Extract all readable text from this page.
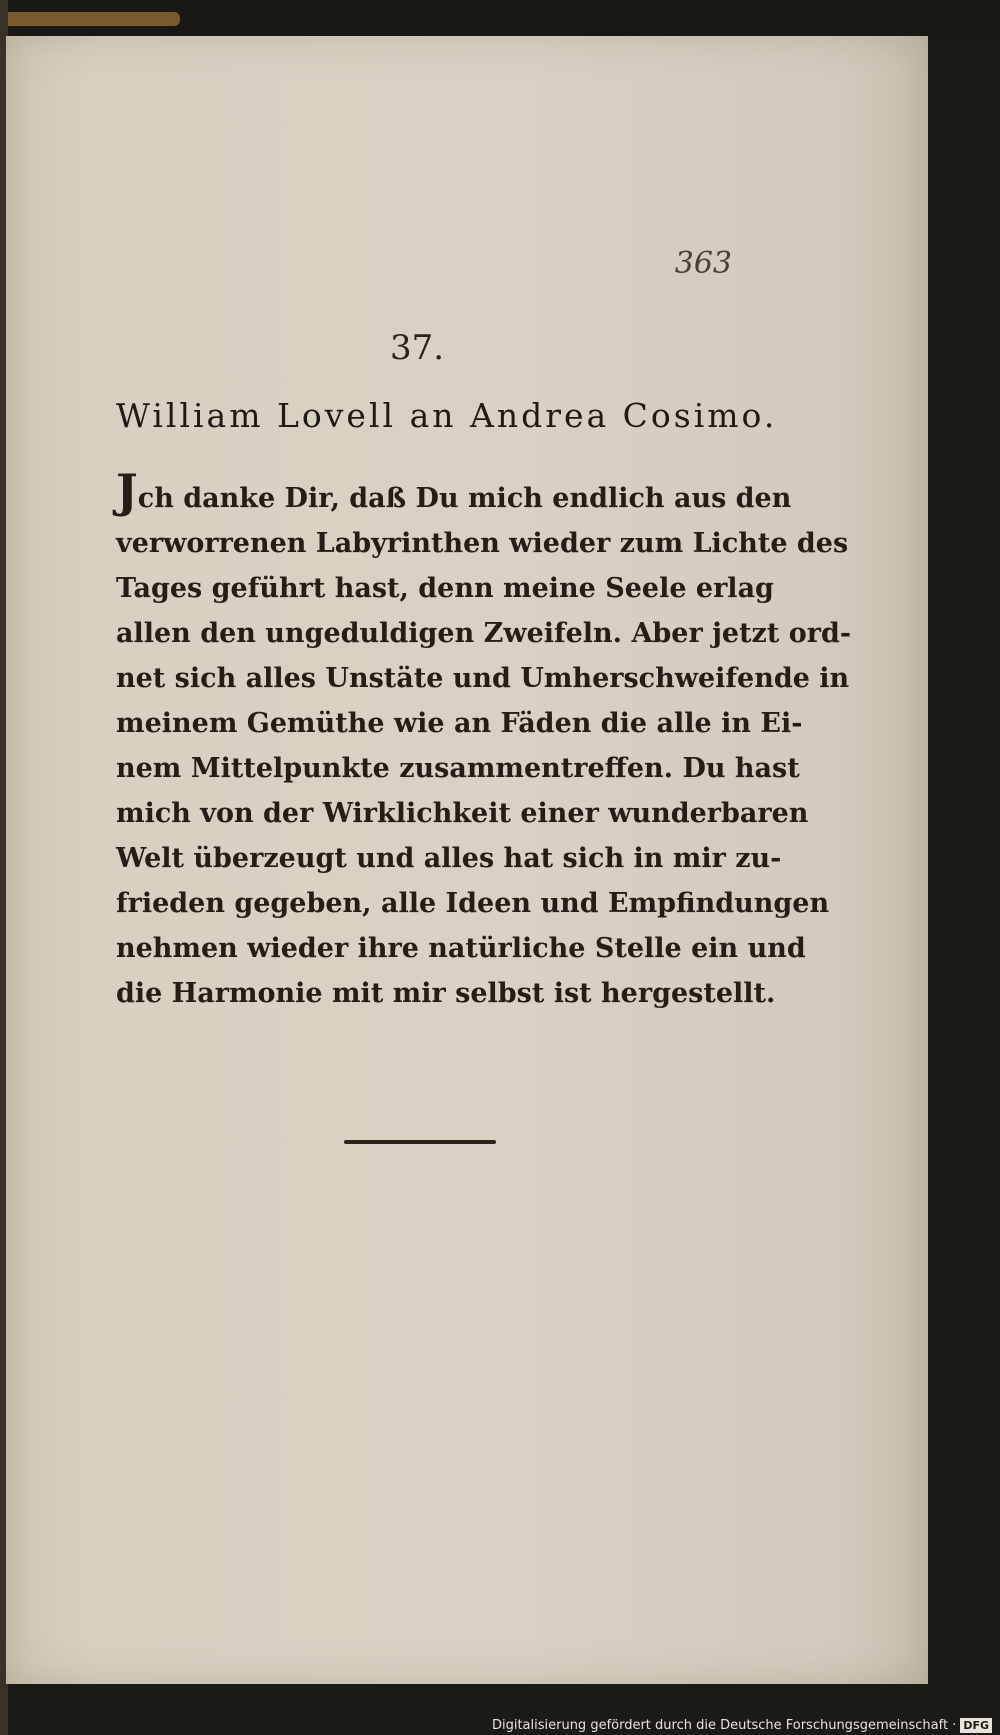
363
37.
William Lovell an Andrea Cosimo.
Jch danke Dir, daß Du mich endlich aus den
verworrenen Labyrinthen wieder zum Lichte des
Tages geführt hast, denn meine Seele erlag
allen den ungeduldigen Zweifeln. Aber jetzt ord-
net sich alles Unstäte und Umherschweifende in
meinem Gemüthe wie an Fäden die alle in Ei-
nem Mittelpunkte zusammentreffen. Du hast
mich von der Wirklichkeit einer wunderbaren
Welt überzeugt und alles hat sich in mir zu-
frieden gegeben, alle Ideen und Empfindungen
nehmen wieder ihre natürliche Stelle ein und
die Harmonie mit mir selbst ist hergestellt.
Digitalisierung gefördert durch die Deutsche Forschungsgemeinschaft · DFG
